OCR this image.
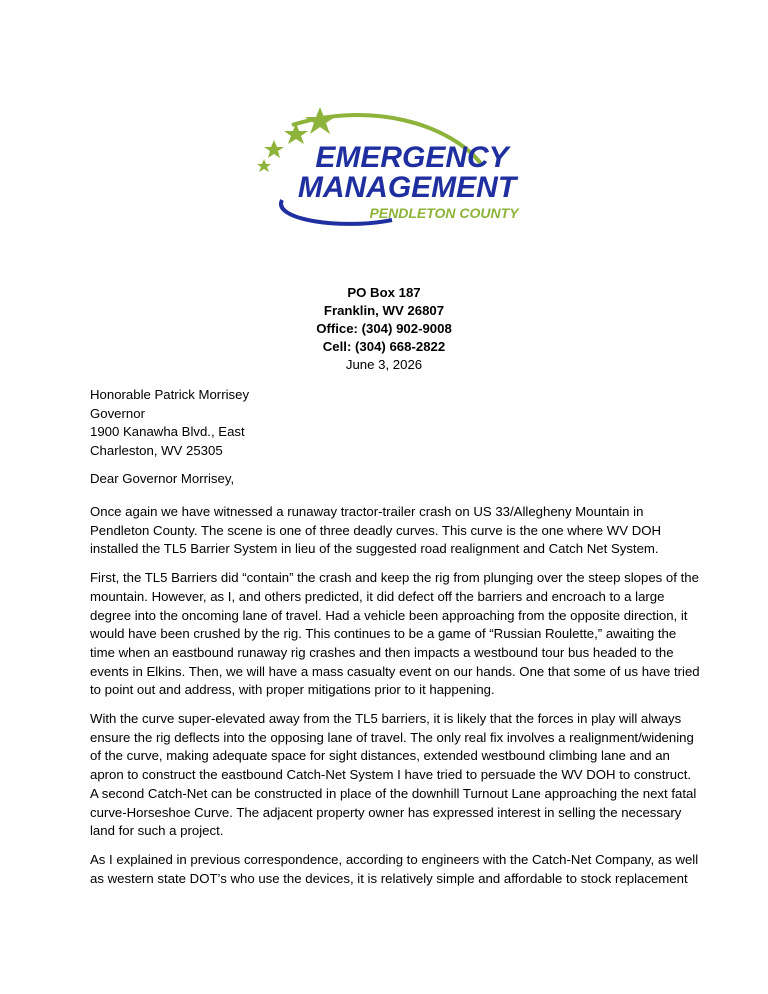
EMERGENCY
MANAGEMENT
PENDLETON COUNTY
PO Box 187
Franklin, WV 26807
Office: (304) 902-9008
Cell: (304) 668-2822
June 3, 2026
Honorable Patrick Morrisey
Governor
1900 Kanawha Blvd., East
Charleston, WV 25305
Dear Governor Morrisey,

Once again we have witnessed a runaway tractor-trailer crash on US 33/Allegheny Mountain in
Pendleton County. The scene is one of three deadly curves. This curve is the one where WV DOH
installed the TL5 Barrier System in lieu of the suggested road realignment and Catch Net System.

First, the TL5 Barriers did “contain” the crash and keep the rig from plunging over the steep slopes of the
mountain. However, as I, and others predicted, it did defect off the barriers and encroach to a large
degree into the oncoming lane of travel. Had a vehicle been approaching from the opposite direction, it
would have been crushed by the rig. This continues to be a game of “Russian Roulette,” awaiting the
time when an eastbound runaway rig crashes and then impacts a westbound tour bus headed to the
events in Elkins. Then, we will have a mass casualty event on our hands. One that some of us have tried
to point out and address, with proper mitigations prior to it happening.

With the curve super-elevated away from the TL5 barriers, it is likely that the forces in play will always
ensure the rig deflects into the opposing lane of travel. The only real fix involves a realignment/widening
of the curve, making adequate space for sight distances, extended westbound climbing lane and an
apron to construct the eastbound Catch-Net System I have tried to persuade the WV DOH to construct.
A second Catch-Net can be constructed in place of the downhill Turnout Lane approaching the next fatal
curve-Horseshoe Curve. The adjacent property owner has expressed interest in selling the necessary
land for such a project.

As I explained in previous correspondence, according to engineers with the Catch-Net Company, as well
as western state DOT’s who use the devices, it is relatively simple and affordable to stock replacement
